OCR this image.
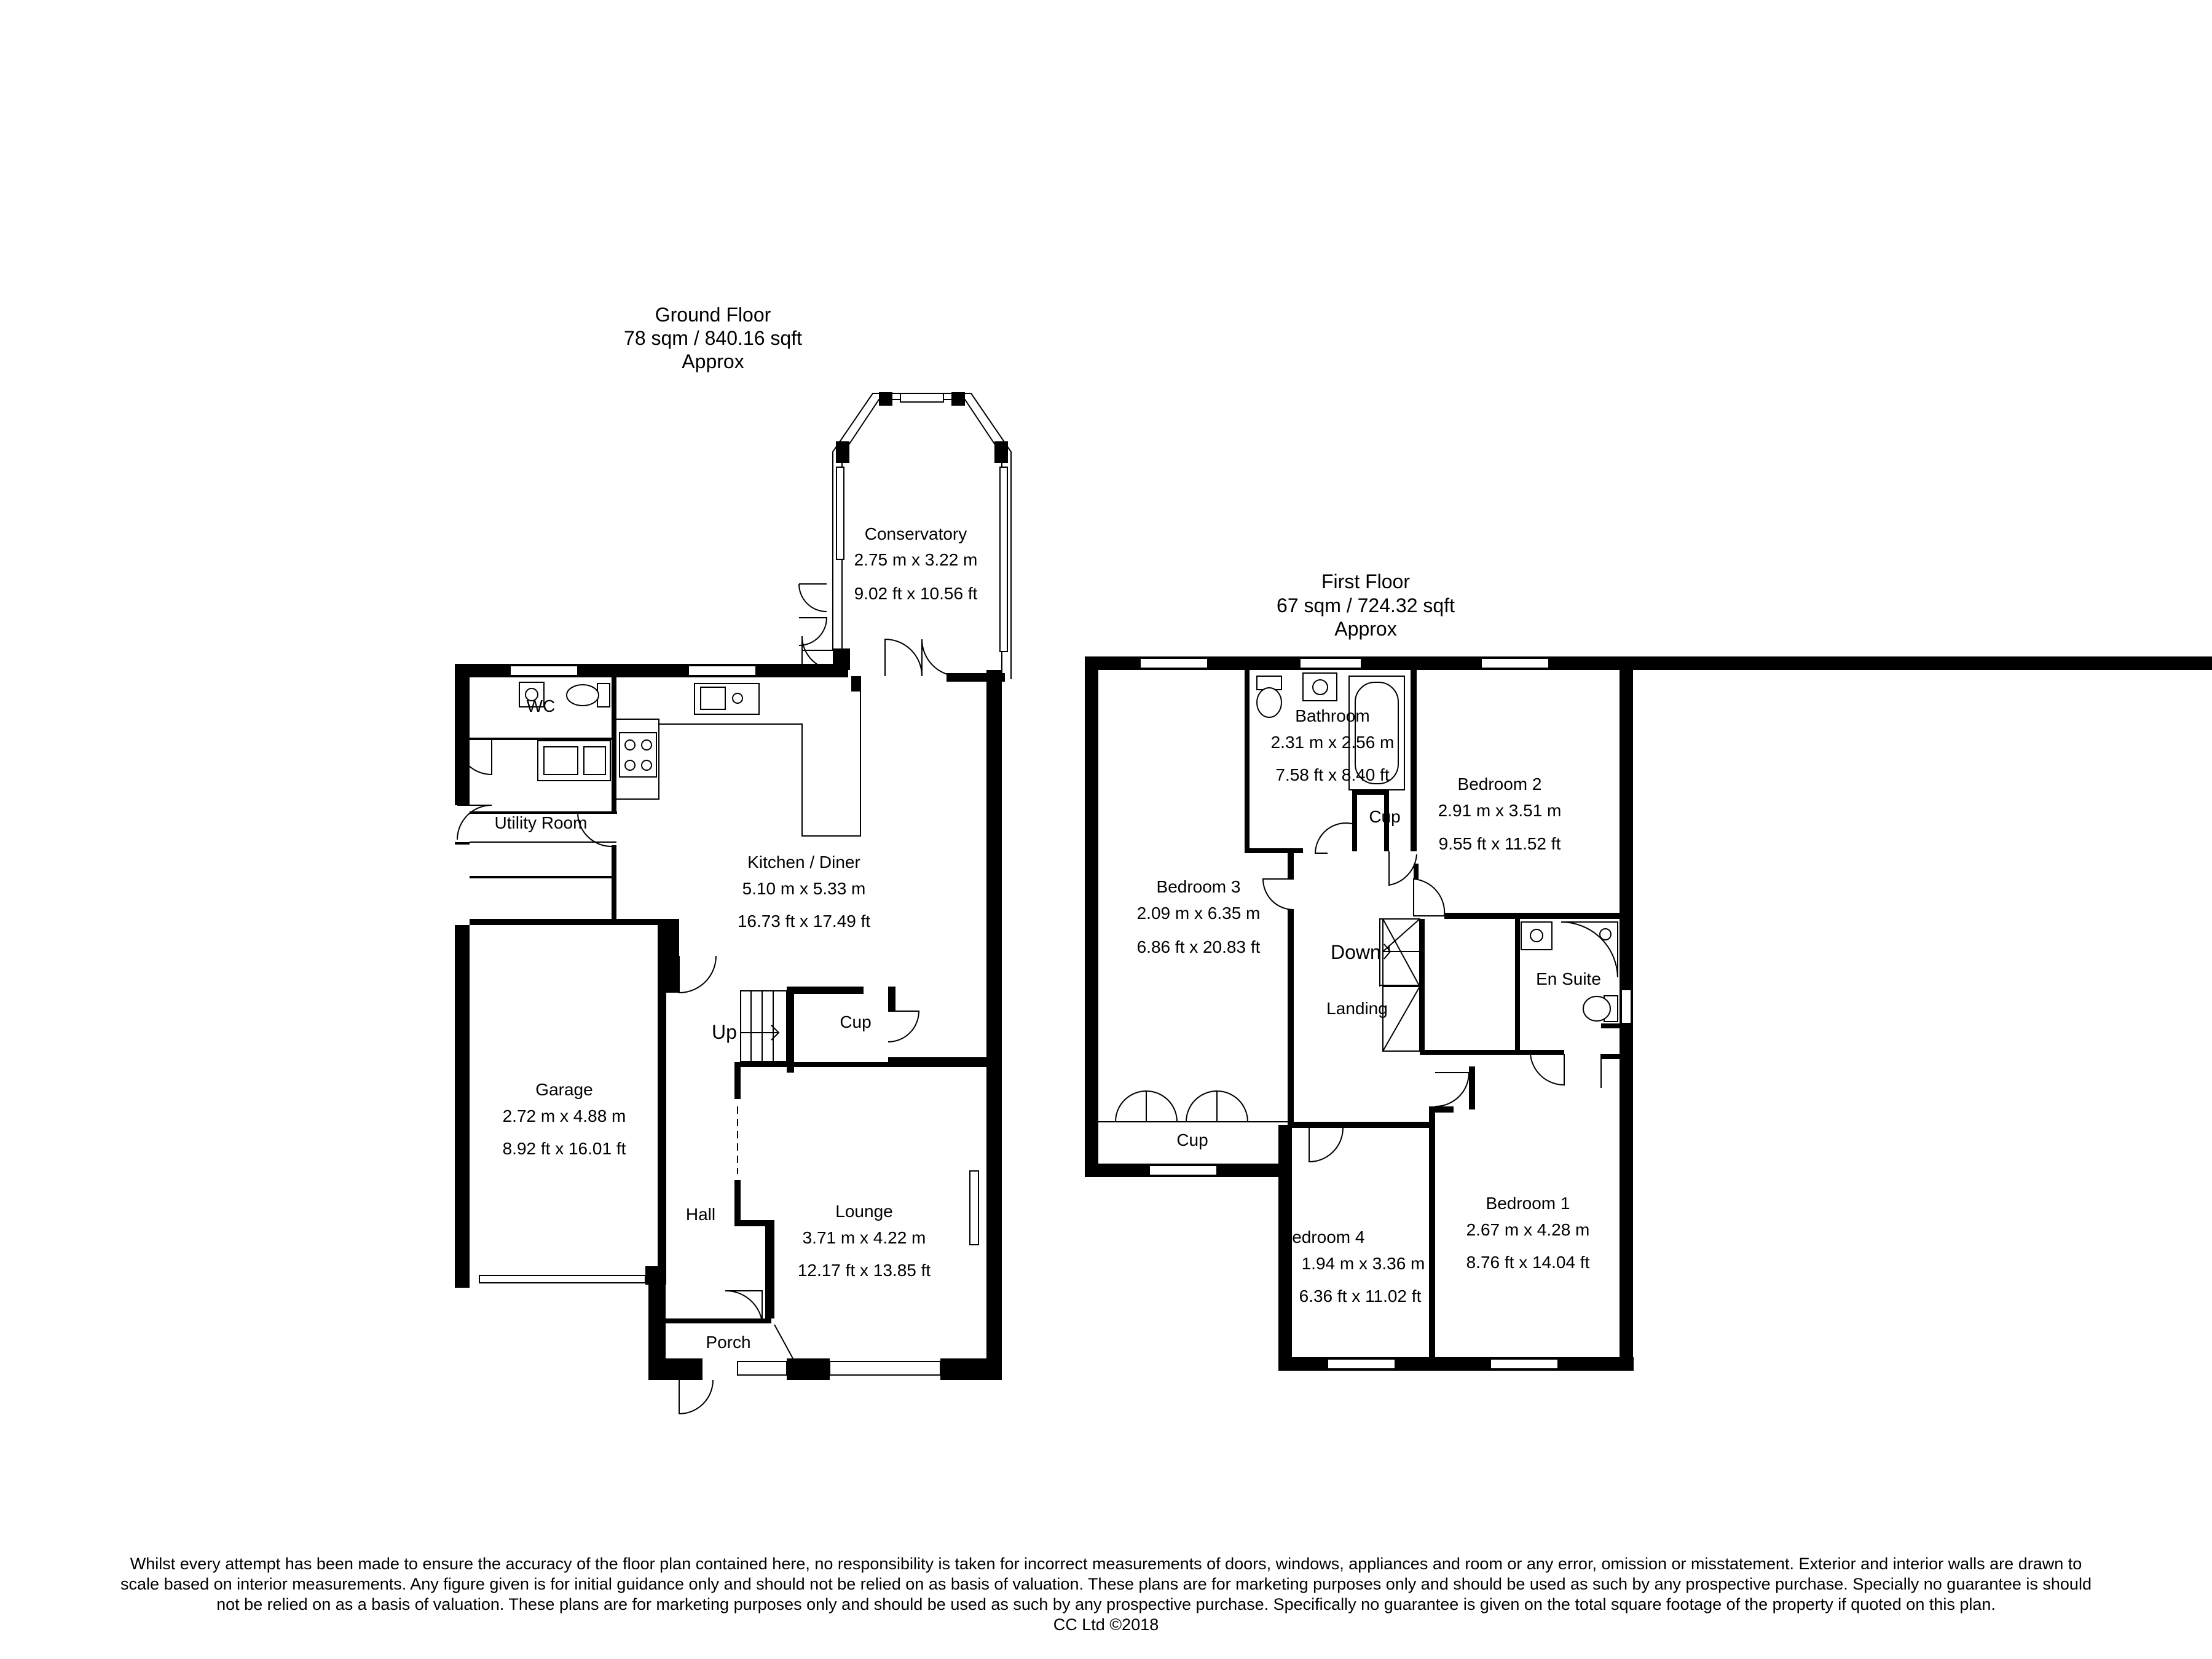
Ground Floor
78 sqm / 840.16 sqft
Approx
WC
Utility Room
Conservatory
2.75 m x 3.22 m
9.02 ft x 10.56 ft
Kitchen / Diner
5.10 m x 5.33 m
16.73 ft x 17.49 ft
Garage
2.72 m x 4.88 m
8.92 ft x 16.01 ft
Cup
Up
Hall	Lounge
3.71 m x 4.22 m
12.17 ft x 13.85 ft
Porch
First Floor
67 sqm / 724.32 sqft
Approx
Bathroom
2.31 m x 2.56 m
7.58 ft x 8.40 ft
Cup
Bedroom 2
2.91 m x 3.51 m
9.55 ft x 11.52 ft
Bedroom 3
2.09 m x 6.35 m
6.86 ft x 20.83 ft	Down
Landing
En Suite
Cup
Bedroom 4
1.94 m x 3.36 m
6.36 ft x 11.02 ft
Bedroom 1
2.67 m x 4.28 m
8.76 ft x 14.04 ft
Whilst every attempt has been made to ensure the accuracy of the floor plan contained here, no responsibility is taken for incorrect measurements of doors, windows, appliances and room or any error, omission or misstatement. Exterior and interior walls are drawn to
scale based on interior measurements. Any figure given is for initial guidance only and should not be relied on as basis of valuation. These plans are for marketing purposes only and should be used as such by any prospective purchase. Specially no guarantee is should
not be relied on as a basis of valuation. These plans are for marketing purposes only and should be used as such by any prospective purchase. Specifically no guarantee is given on the total square footage of the property if quoted on this plan.
CC Ltd ©2018
